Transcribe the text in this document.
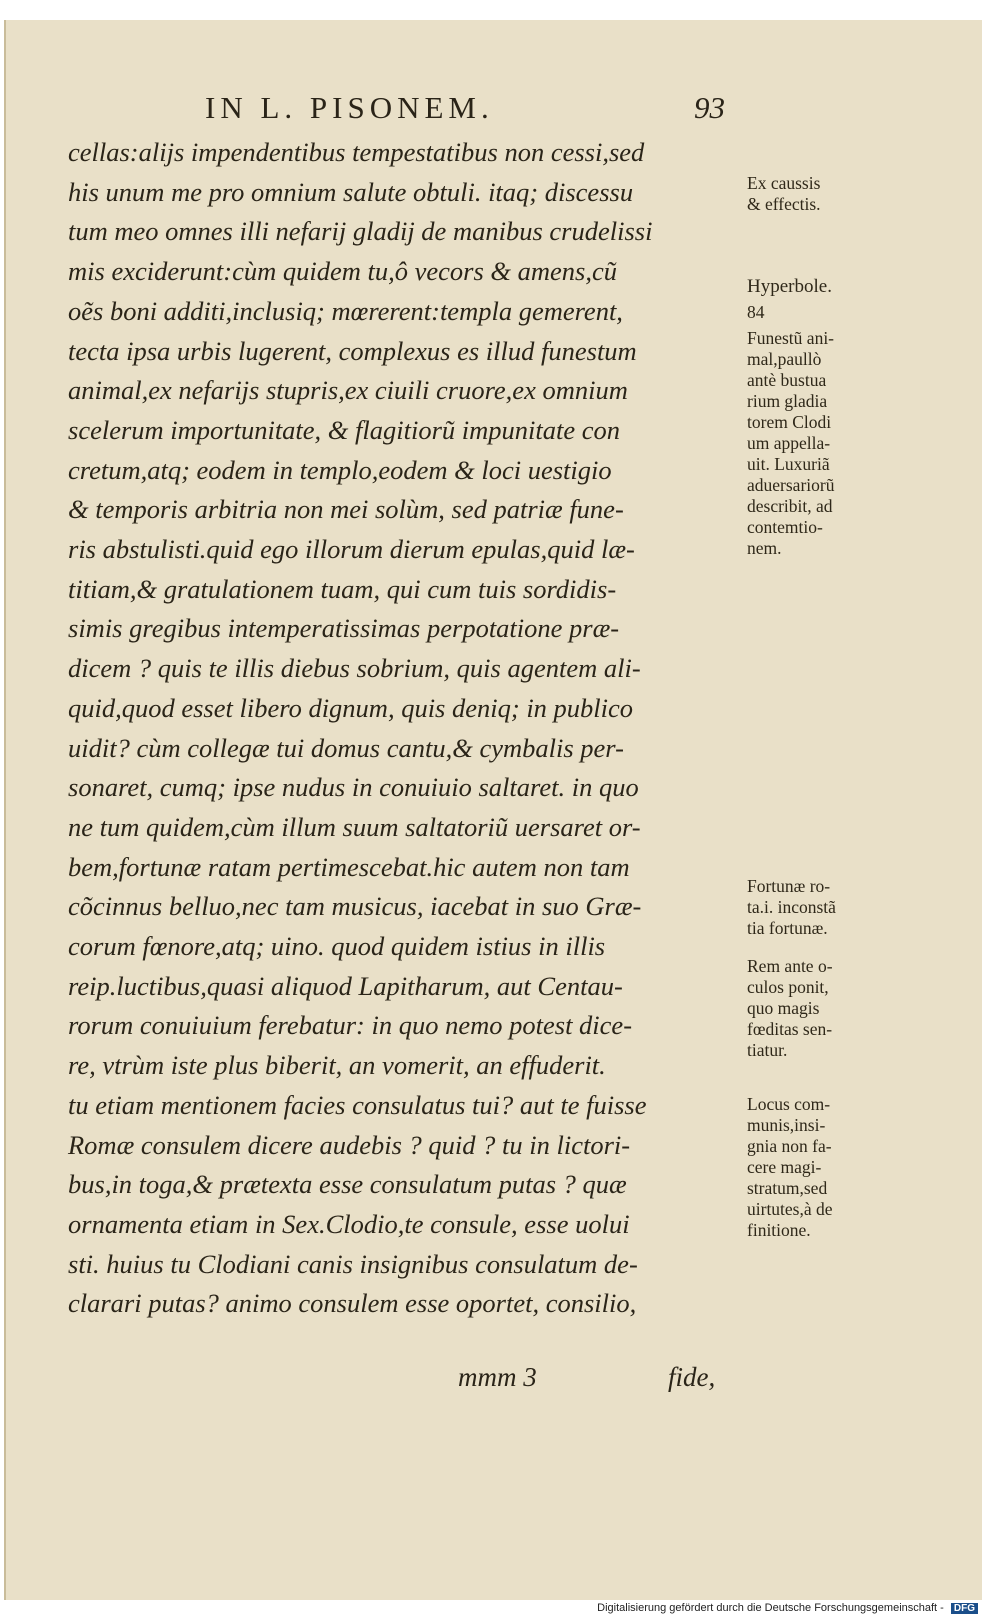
IN L. PISONEM.	93
cellas:alijs impendentibus tempestatibus non cessi,sed
his unum me pro omnium salute obtuli. itaq; discessu
tum meo omnes illi nefarij gladij de manibus crudelissi
mis exciderunt:cùm quidem tu,ô vecors & amens,cũ
oẽs boni additi,inclusiq; mœrerent:templa gemerent,
tecta ipsa urbis lugerent, complexus es illud funestum
animal,ex nefarijs stupris,ex ciuili cruore,ex omnium
scelerum importunitate, & flagitiorũ impunitate con
cretum,atq; eodem in templo,eodem & loci uestigio
& temporis arbitria non mei solùm, sed patriæ fune-
ris abstulisti.quid ego illorum dierum epulas,quid læ-
titiam,& gratulationem tuam, qui cum tuis sordidis-
simis gregibus intemperatissimas perpotatione præ-
dicem ? quis te illis diebus sobrium, quis agentem ali-
quid,quod esset libero dignum, quis deniq; in publico
uidit? cùm collegæ tui domus cantu,& cymbalis per-
sonaret, cumq; ipse nudus in conuiuio saltaret. in quo
ne tum quidem,cùm illum suum saltatoriũ uersaret or-
bem,fortunæ ratam pertimescebat.hic autem non tam
cõcinnus belluo,nec tam musicus, iacebat in suo Græ-
corum fœnore,atq; uino. quod quidem istius in illis
reip.luctibus,quasi aliquod Lapitharum, aut Centau-
rorum conuiuium ferebatur: in quo nemo potest dice-
re, vtrùm iste plus biberit, an vomerit, an effuderit.
tu etiam mentionem facies consulatus tui? aut te fuisse
Romæ consulem dicere audebis ? quid ? tu in lictori-
bus,in toga,& prætexta esse consulatum putas ? quæ
ornamenta etiam in Sex.Clodio,te consule, esse uolui
sti. huius tu Clodiani canis insignibus consulatum de-
clarari putas? animo consulem esse oportet, consilio,
mmm 3	fide,
Ex caussis
& effectis.
Hyperbole.
84
Funestũ ani-
mal,paullò
antè bustua
rium gladia
torem Clodi
um appella-
uit. Luxuriã
aduersariorũ
describit, ad
contemtio-
nem.
Fortunæ ro-
ta.i. inconstã
tia fortunæ.
Rem ante o-
culos ponit,
quo magis
fœditas sen-
tiatur.
Locus com-
munis,insi-
gnia non fa-
cere magi-
stratum,sed
uirtutes,à de
finitione.
Digitalisierung gefördert durch die Deutsche Forschungsgemeinschaft - DFG
